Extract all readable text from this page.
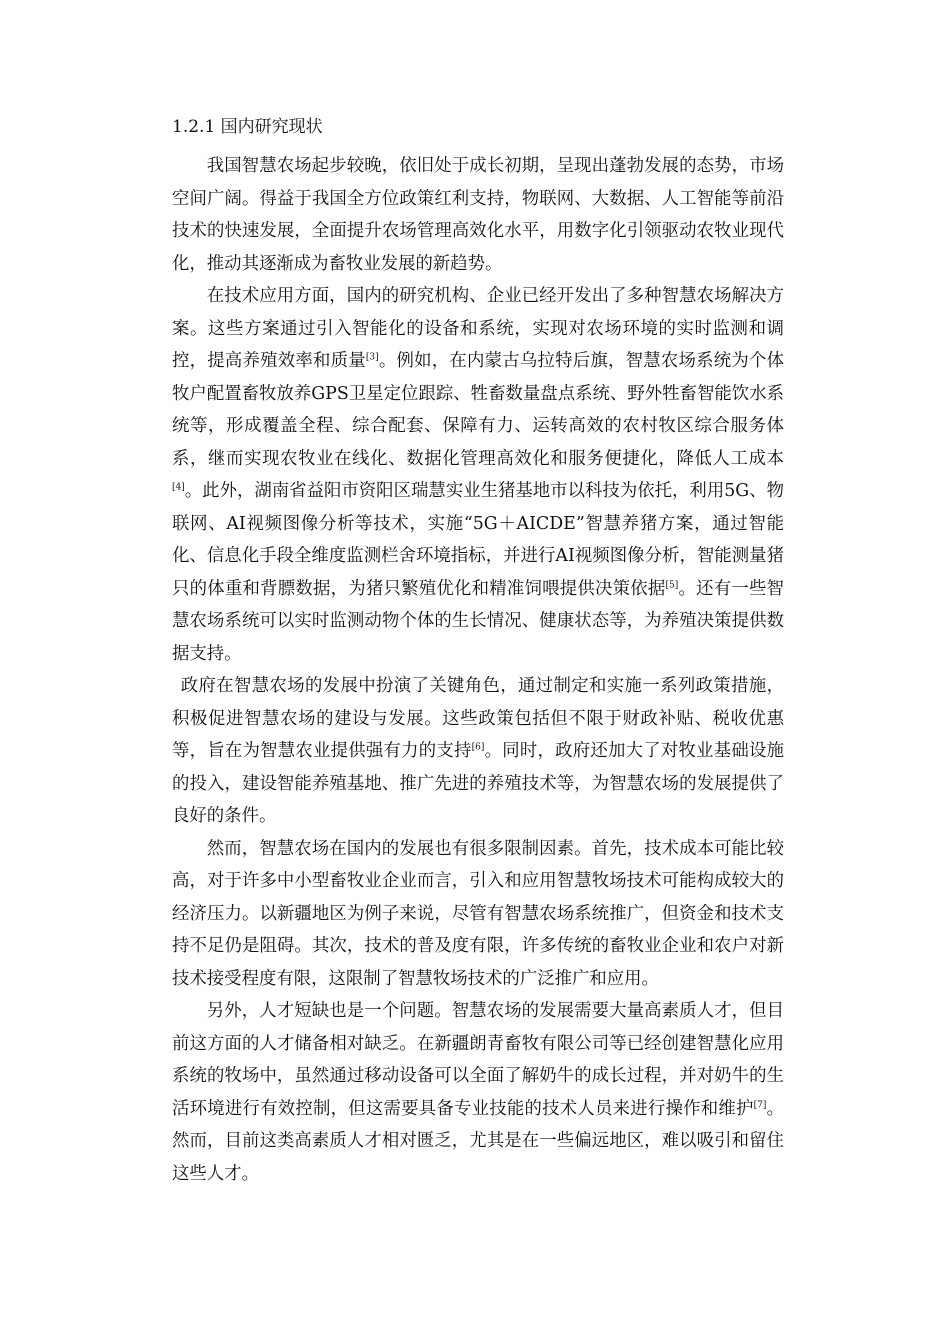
1.2.1 国内研究现状

我国智慧农场起步较晚，依旧处于成长初期，呈现出蓬勃发展的态势，市场空间广阔。得益于我国全方位政策红利支持，物联网、大数据、人工智能等前沿技术的快速发展，全面提升农场管理高效化水平，用数字化引领驱动农牧业现代化，推动其逐渐成为畜牧业发展的新趋势。

在技术应用方面，国内的研究机构、企业已经开发出了多种智慧农场解决方案。这些方案通过引入智能化的设备和系统，实现对农场环境的实时监测和调控，提高养殖效率和质量[3]。例如，在内蒙古乌拉特后旗，智慧农场系统为个体牧户配置畜牧放养GPS卫星定位跟踪、牲畜数量盘点系统、野外牲畜智能饮水系统等，形成覆盖全程、综合配套、保障有力、运转高效的农村牧区综合服务体系，继而实现农牧业在线化、数据化管理高效化和服务便捷化，降低人工成本[4]。此外，湖南省益阳市资阳区瑞慧实业生猪基地市以科技为依托，利用5G、物联网、AI视频图像分析等技术，实施“5G＋AICDE”智慧养猪方案，通过智能化、信息化手段全维度监测栏舍环境指标，并进行AI视频图像分析，智能测量猪只的体重和背膘数据，为猪只繁殖优化和精准饲喂提供决策依据[5]。还有一些智慧农场系统可以实时监测动物个体的生长情况、健康状态等，为养殖决策提供数据支持。

政府在智慧农场的发展中扮演了关键角色，通过制定和实施一系列政策措施，积极促进智慧农场的建设与发展。这些政策包括但不限于财政补贴、税收优惠等，旨在为智慧农业提供强有力的支持[6]。同时，政府还加大了对牧业基础设施的投入，建设智能养殖基地、推广先进的养殖技术等，为智慧农场的发展提供了良好的条件。

然而，智慧农场在国内的发展也有很多限制因素。首先，技术成本可能比较高，对于许多中小型畜牧业企业而言，引入和应用智慧牧场技术可能构成较大的经济压力。以新疆地区为例子来说，尽管有智慧农场系统推广，但资金和技术支持不足仍是阻碍。其次，技术的普及度有限，许多传统的畜牧业企业和农户对新技术接受程度有限，这限制了智慧牧场技术的广泛推广和应用。

另外，人才短缺也是一个问题。智慧农场的发展需要大量高素质人才，但目前这方面的人才储备相对缺乏。在新疆朗青畜牧有限公司等已经创建智慧化应用系统的牧场中，虽然通过移动设备可以全面了解奶牛的成长过程，并对奶牛的生活环境进行有效控制，但这需要具备专业技能的技术人员来进行操作和维护[7]。然而，目前这类高素质人才相对匮乏，尤其是在一些偏远地区，难以吸引和留住这些人才。
